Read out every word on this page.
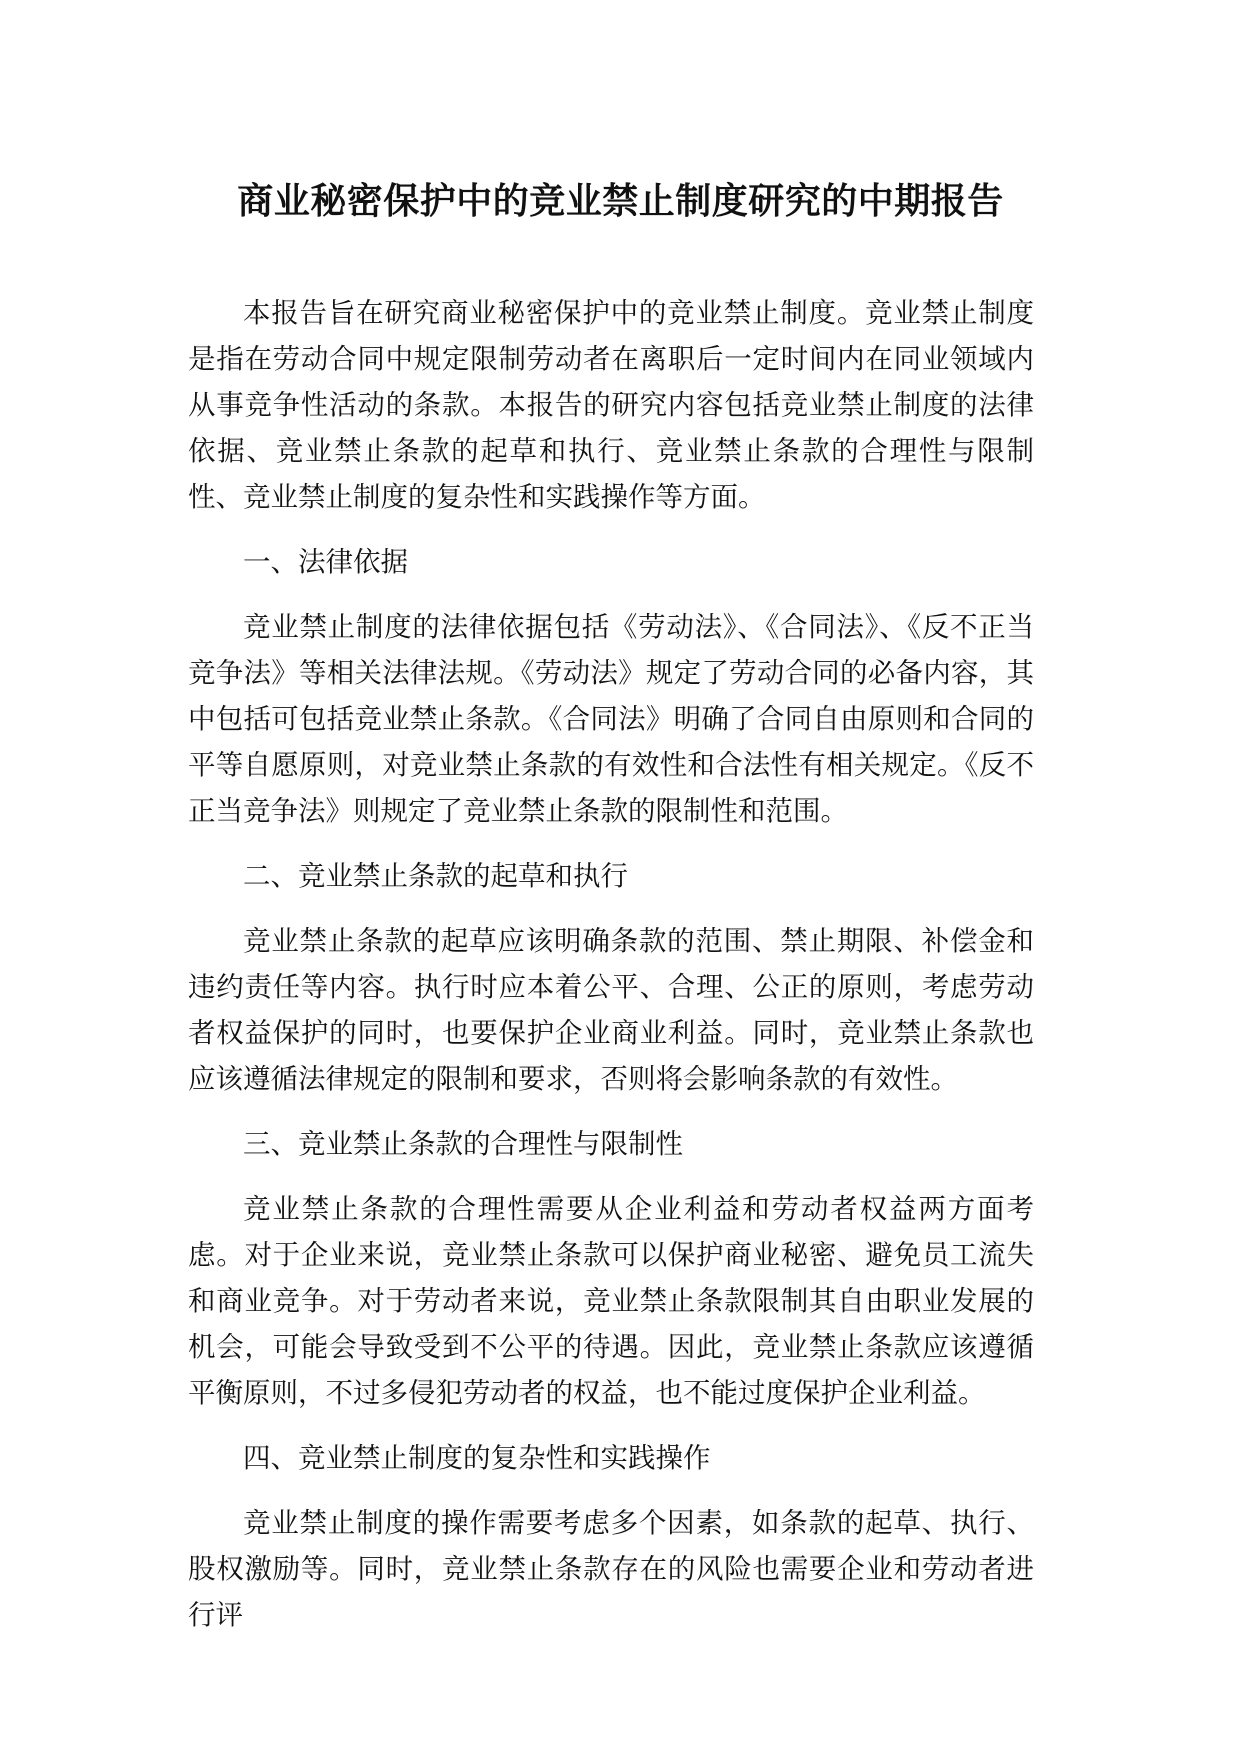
商业秘密保护中的竞业禁止制度研究的中期报告

本报告旨在研究商业秘密保护中的竞业禁止制度。竞业禁止制度是指在劳动合同中规定限制劳动者在离职后一定时间内在同业领域内从事竞争性活动的条款。本报告的研究内容包括竞业禁止制度的法律依据、竞业禁止条款的起草和执行、竞业禁止条款的合理性与限制性、竞业禁止制度的复杂性和实践操作等方面。

一、法律依据

竞业禁止制度的法律依据包括《劳动法》、《合同法》、《反不正当竞争法》等相关法律法规。《劳动法》规定了劳动合同的必备内容，其中包括可包括竞业禁止条款。《合同法》明确了合同自由原则和合同的平等自愿原则，对竞业禁止条款的有效性和合法性有相关规定。《反不正当竞争法》则规定了竞业禁止条款的限制性和范围。

二、竞业禁止条款的起草和执行

竞业禁止条款的起草应该明确条款的范围、禁止期限、补偿金和违约责任等内容。执行时应本着公平、合理、公正的原则，考虑劳动者权益保护的同时，也要保护企业商业利益。同时，竞业禁止条款也应该遵循法律规定的限制和要求，否则将会影响条款的有效性。

三、竞业禁止条款的合理性与限制性

竞业禁止条款的合理性需要从企业利益和劳动者权益两方面考虑。对于企业来说，竞业禁止条款可以保护商业秘密、避免员工流失和商业竞争。对于劳动者来说，竞业禁止条款限制其自由职业发展的机会，可能会导致受到不公平的待遇。因此，竞业禁止条款应该遵循平衡原则，不过多侵犯劳动者的权益，也不能过度保护企业利益。

四、竞业禁止制度的复杂性和实践操作

竞业禁止制度的操作需要考虑多个因素，如条款的起草、执行、股权激励等。同时，竞业禁止条款存在的风险也需要企业和劳动者进行评
